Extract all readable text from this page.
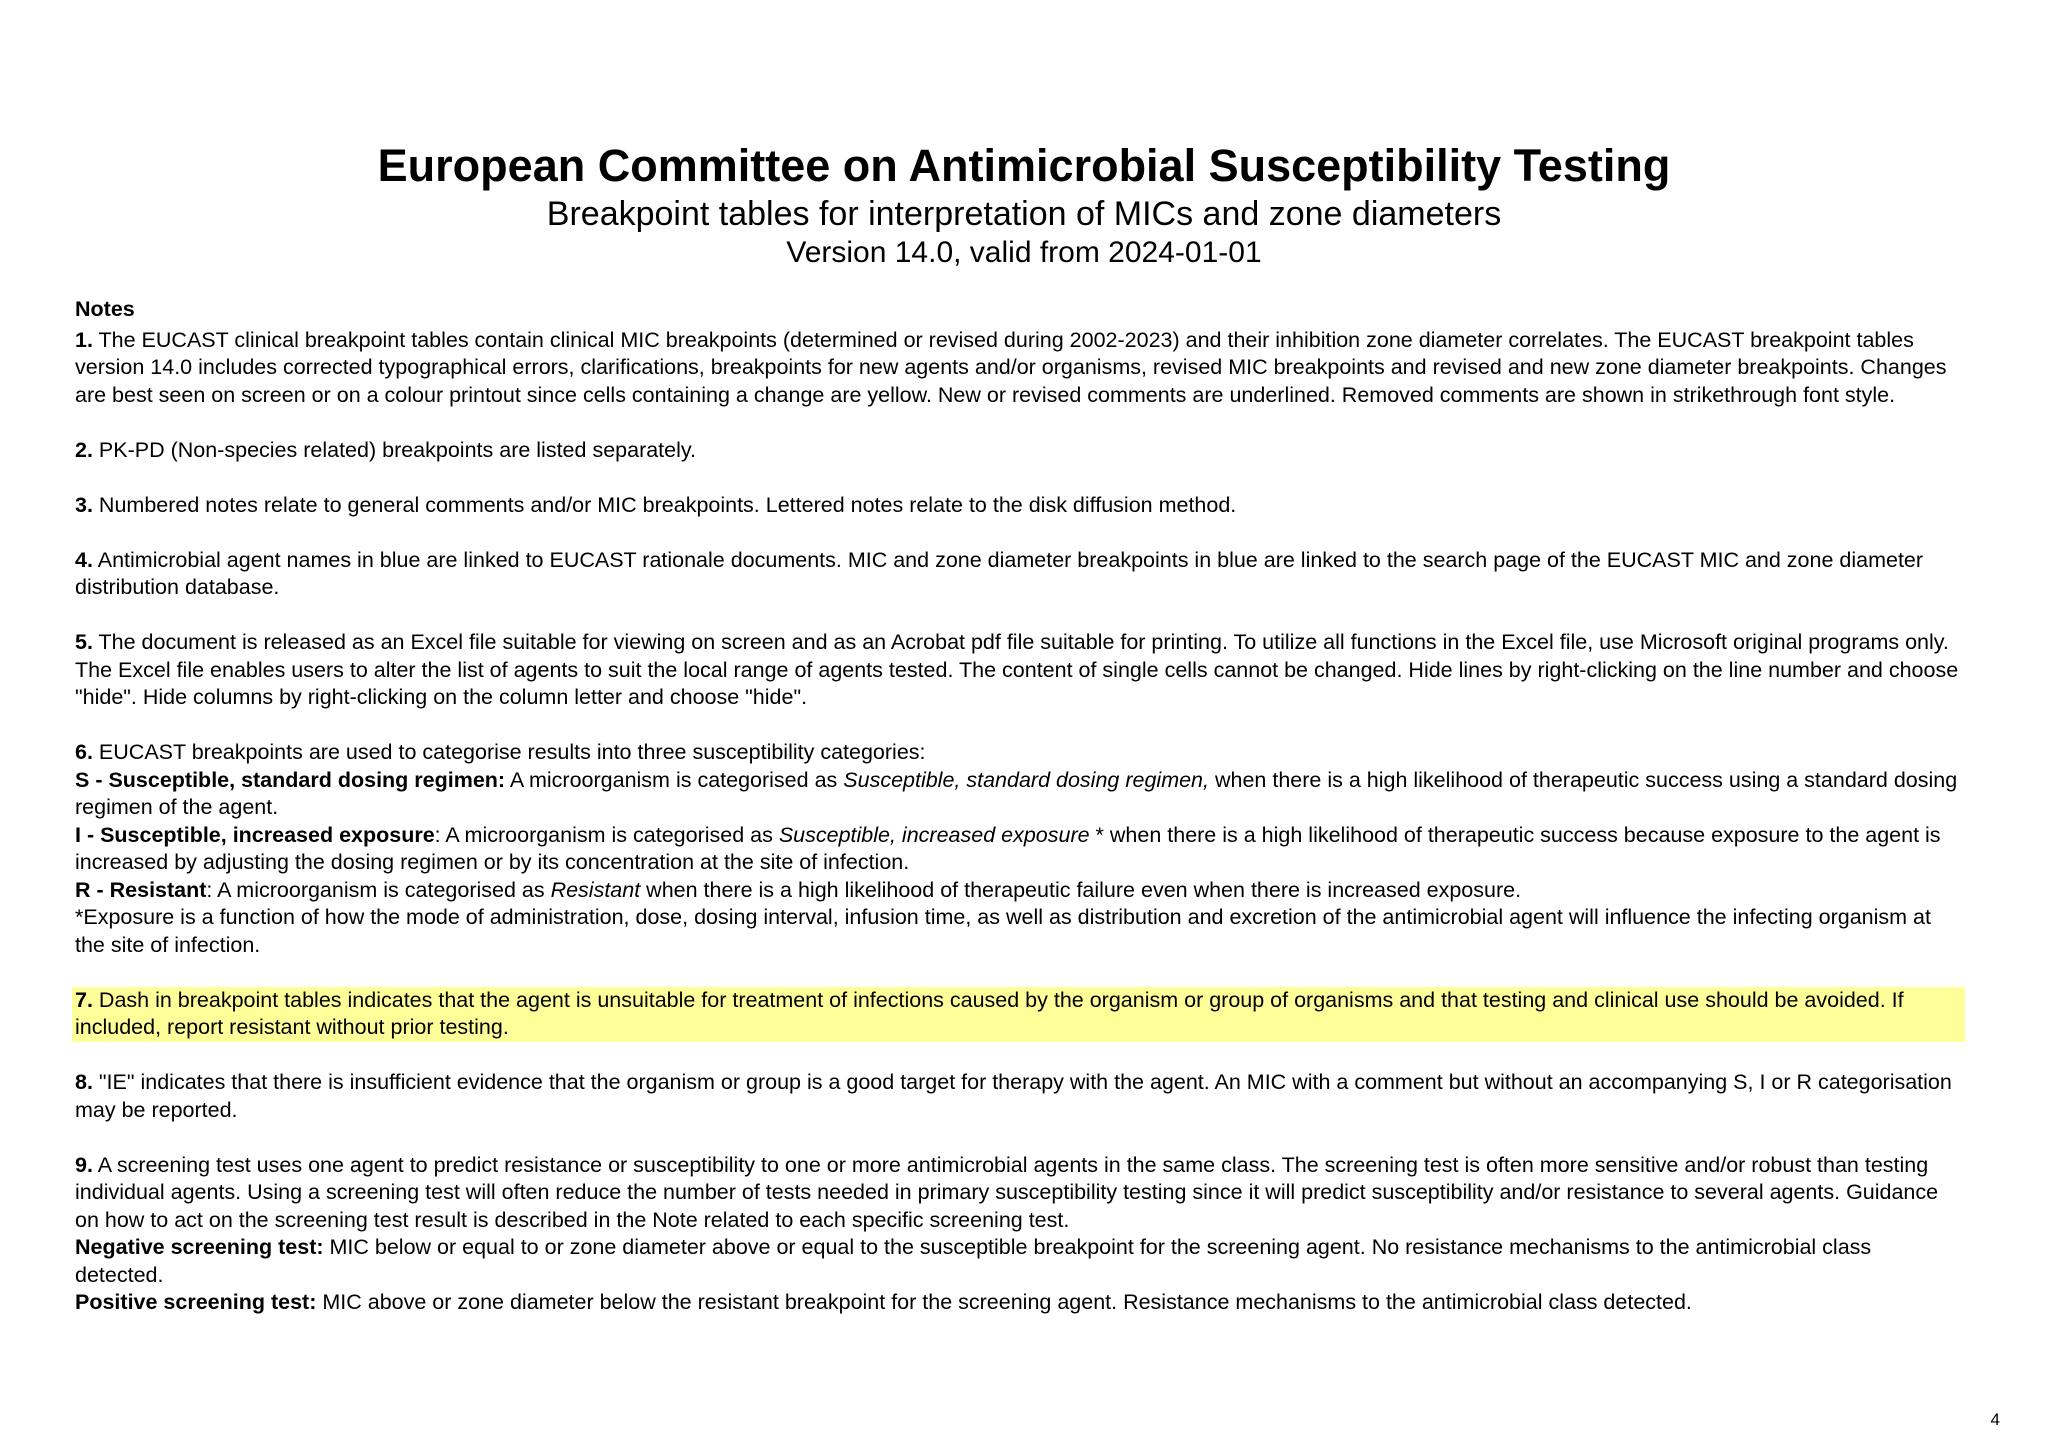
European Committee on Antimicrobial Susceptibility Testing

Breakpoint tables for interpretation of MICs and zone diameters

Version 14.0, valid from 2024-01-01

Notes

1. The EUCAST clinical breakpoint tables contain clinical MIC breakpoints (determined or revised during 2002-2023) and their inhibition zone diameter correlates. The EUCAST breakpoint tables version 14.0 includes corrected typographical errors, clarifications, breakpoints for new agents and/or organisms, revised MIC breakpoints and revised and new zone diameter breakpoints. Changes are best seen on screen or on a colour printout since cells containing a change are yellow. New or revised comments are underlined. Removed comments are shown in strikethrough font style.

2. PK-PD (Non-species related) breakpoints are listed separately.

3. Numbered notes relate to general comments and/or MIC breakpoints. Lettered notes relate to the disk diffusion method.

4. Antimicrobial agent names in blue are linked to EUCAST rationale documents. MIC and zone diameter breakpoints in blue are linked to the search page of the EUCAST MIC and zone diameter distribution database.

5. The document is released as an Excel file suitable for viewing on screen and as an Acrobat pdf file suitable for printing. To utilize all functions in the Excel file, use Microsoft original programs only. The Excel file enables users to alter the list of agents to suit the local range of agents tested. The content of single cells cannot be changed. Hide lines by right-clicking on the line number and choose "hide". Hide columns by right-clicking on the column letter and choose "hide".

6. EUCAST breakpoints are used to categorise results into three susceptibility categories:

S - Susceptible, standard dosing regimen: A microorganism is categorised as Susceptible, standard dosing regimen, when there is a high likelihood of therapeutic success using a standard dosing regimen of the agent.

I - Susceptible, increased exposure: A microorganism is categorised as Susceptible, increased exposure * when there is a high likelihood of therapeutic success because exposure to the agent is increased by adjusting the dosing regimen or by its concentration at the site of infection.

R - Resistant: A microorganism is categorised as Resistant when there is a high likelihood of therapeutic failure even when there is increased exposure.

*Exposure is a function of how the mode of administration, dose, dosing interval, infusion time, as well as distribution and excretion of the antimicrobial agent will influence the infecting organism at the site of infection.

7. Dash in breakpoint tables indicates that the agent is unsuitable for treatment of infections caused by the organism or group of organisms and that testing and clinical use should be avoided. If included, report resistant without prior testing.

8. "IE" indicates that there is insufficient evidence that the organism or group is a good target for therapy with the agent. An MIC with a comment but without an accompanying S, I or R categorisation may be reported.

9. A screening test uses one agent to predict resistance or susceptibility to one or more antimicrobial agents in the same class. The screening test is often more sensitive and/or robust than testing individual agents. Using a screening test will often reduce the number of tests needed in primary susceptibility testing since it will predict susceptibility and/or resistance to several agents. Guidance on how to act on the screening test result is described in the Note related to each specific screening test.

Negative screening test: MIC below or equal to or zone diameter above or equal to the susceptible breakpoint for the screening agent. No resistance mechanisms to the antimicrobial class detected.

Positive screening test: MIC above or zone diameter below the resistant breakpoint for the screening agent. Resistance mechanisms to the antimicrobial class detected.

4
